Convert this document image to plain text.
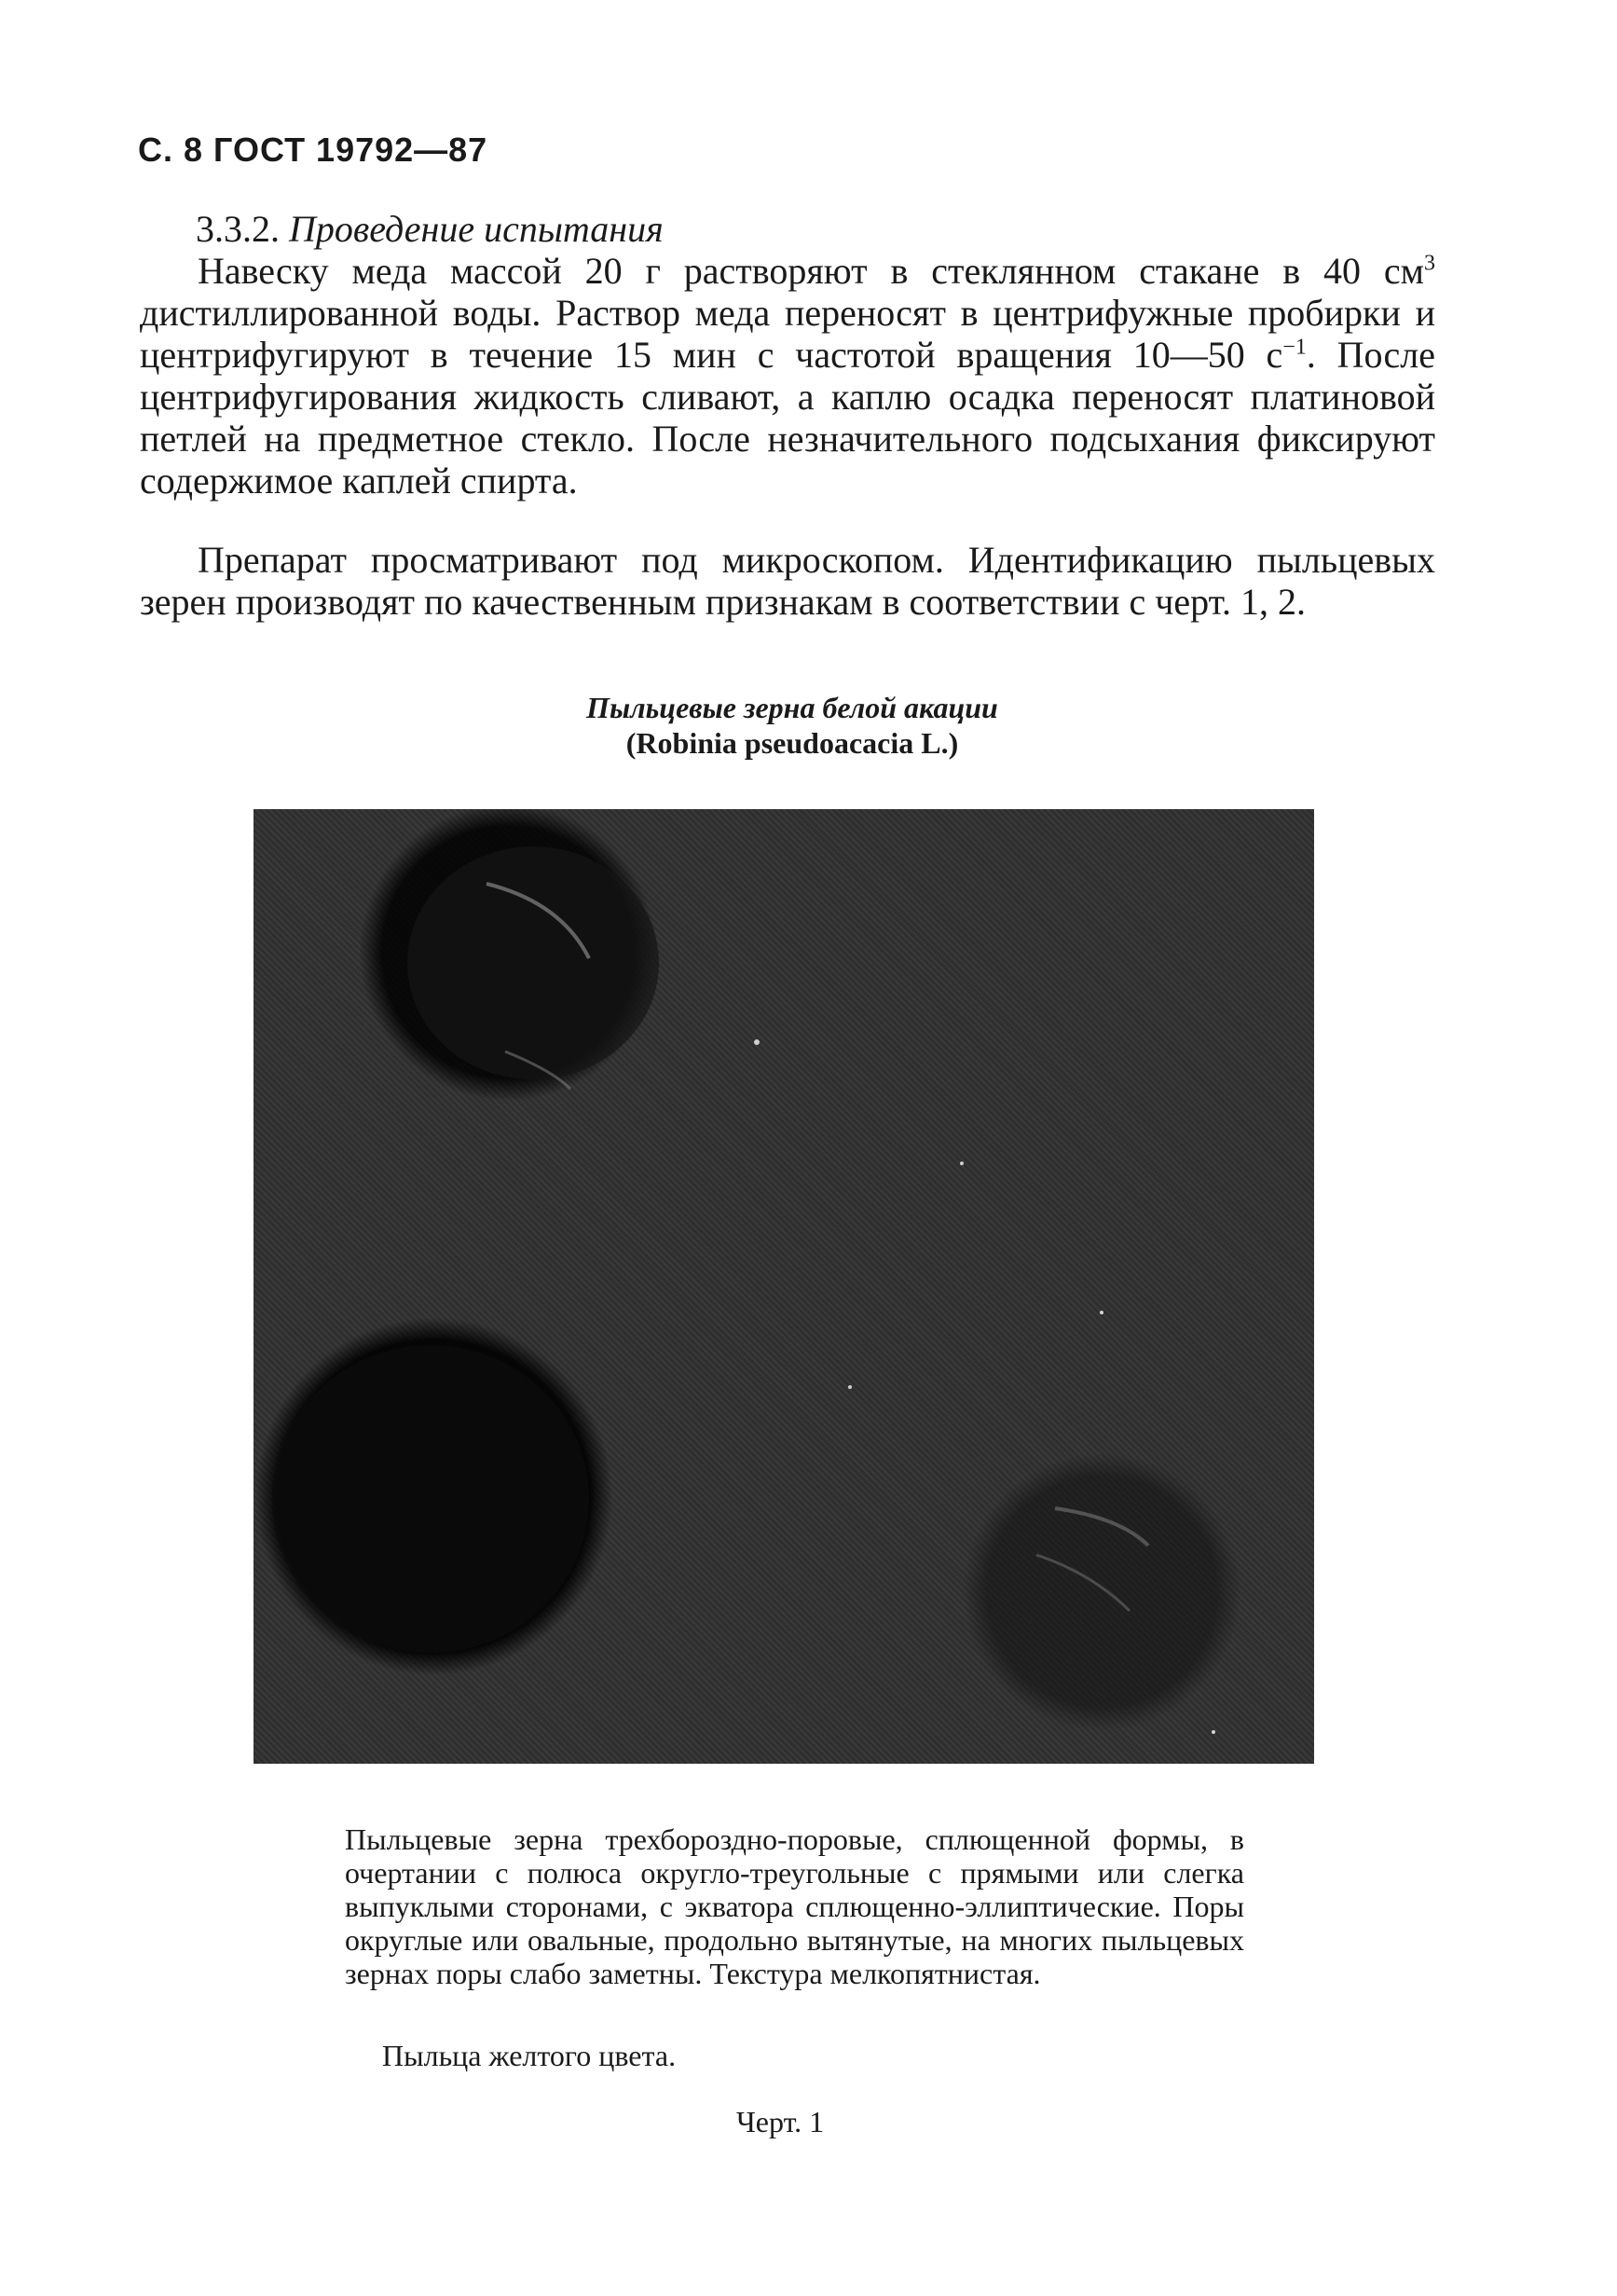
С. 8 ГОСТ 19792—87
3.3.2. Проведение испытания

Навеску меда массой 20 г растворяют в стеклянном стакане в 40 $см^3$ дистиллированной воды. Раствор меда переносят в центрифужные пробирки и центрифугируют в течение 15 мин с частотой вращения 10—50 $с^{-1}$. После центрифугирования жидкость сливают, а каплю осадка переносят платиновой петлей на предметное стекло. После незначительного подсыхания фиксируют содержимое каплей спирта.

Препарат просматривают под микроскопом. Идентификацию пыльцевых зерен производят по качественным признакам в соответствии с черт. 1, 2.

Пыльцевые зерна белой акации
(Robinia pseudoacacia L.)

Пыльцевые зерна трехбороздно-поровые, сплющенной формы, в очертании с полюса округло-треугольные с прямыми или слегка выпуклыми сторонами, с экватора сплющенно-эллиптические. Поры округлые или овальные, продольно вытянутые, на многих пыльцевых зернах поры слабо заметны. Текстура мелкопятнистая.

Пыльца желтого цвета.
Черт. 1
